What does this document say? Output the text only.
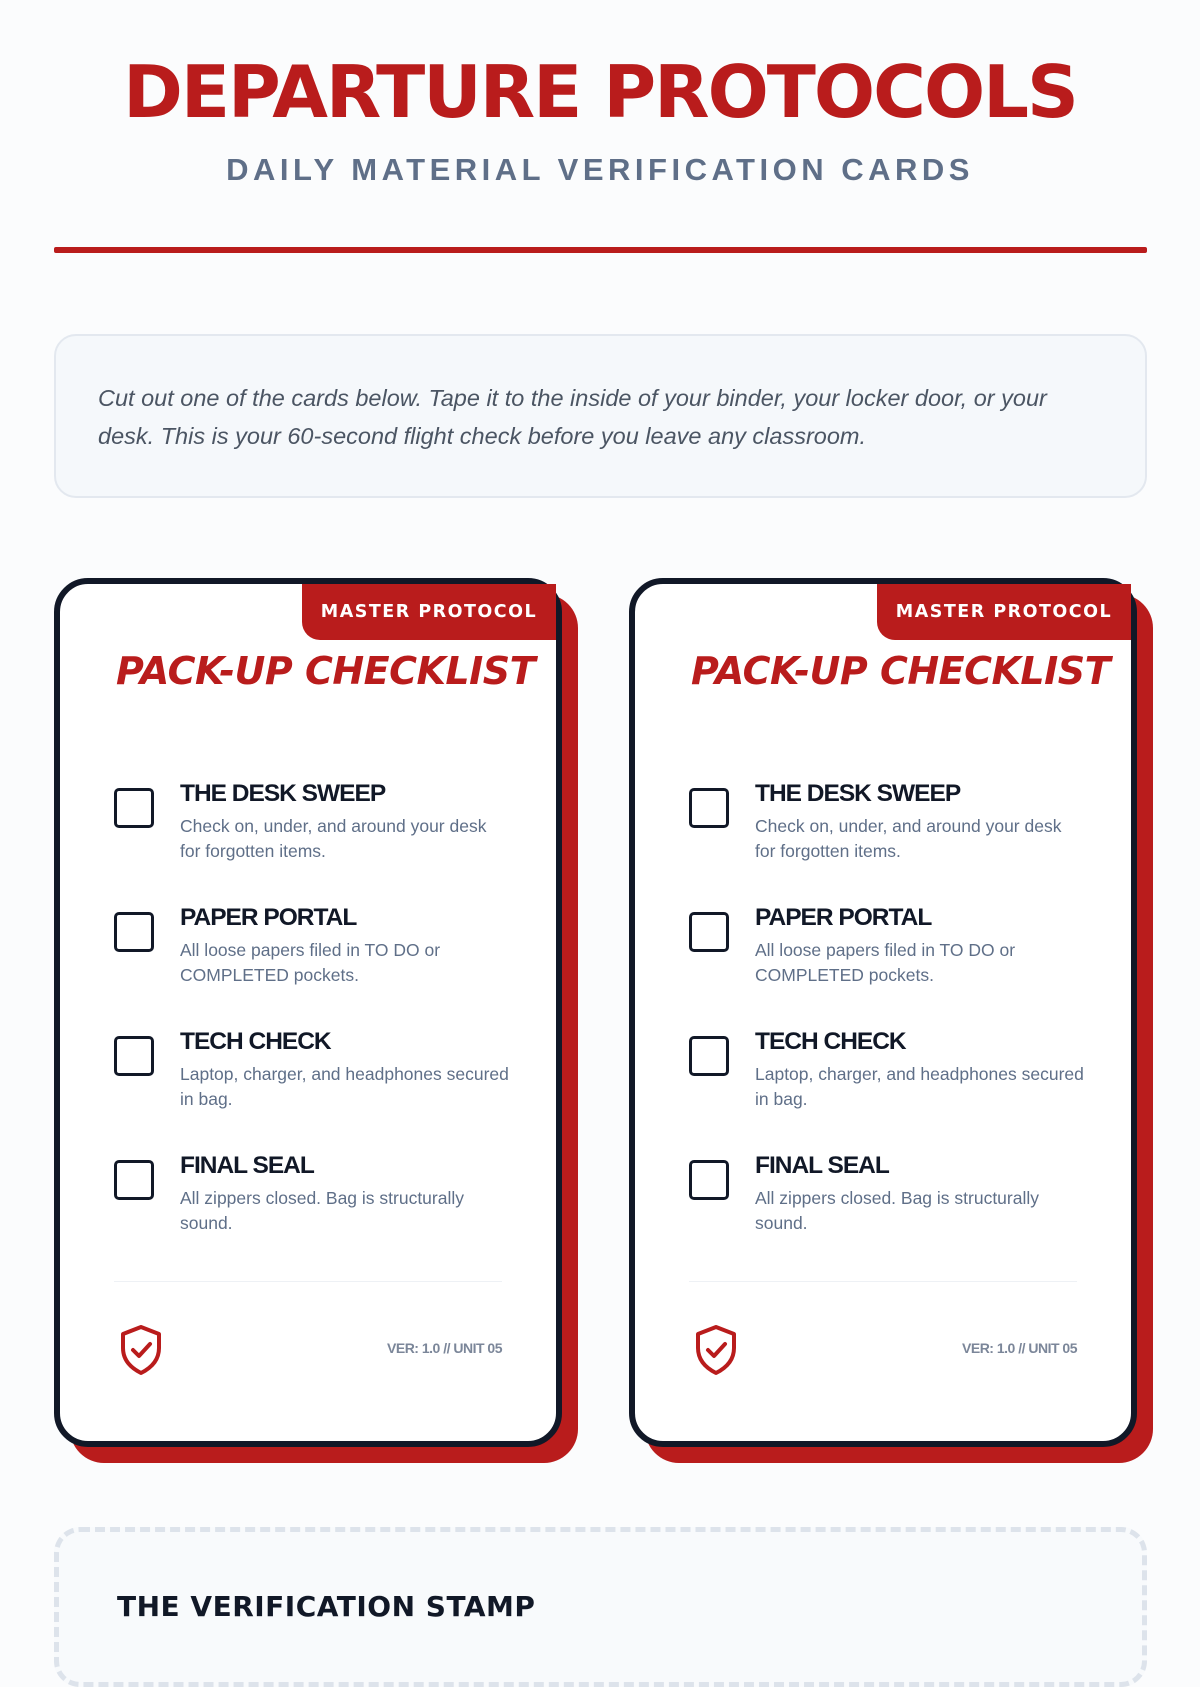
DEPARTURE PROTOCOLS
DAILY MATERIAL VERIFICATION CARDS

Cut out one of the cards below. Tape it to the inside of your binder, your locker door, or your desk. This is your 60-second flight check before you leave any classroom.

MASTER PROTOCOL
PACK-UP CHECKLIST
THE DESK SWEEP
Check on, under, and around your desk for forgotten items.
PAPER PORTAL
All loose papers filed in TO DO or COMPLETED pockets.
TECH CHECK
Laptop, charger, and headphones secured in bag.
FINAL SEAL
All zippers closed. Bag is structurally sound.
VER: 1.0 // UNIT 05
MASTER PROTOCOL
PACK-UP CHECKLIST
THE DESK SWEEP
Check on, under, and around your desk for forgotten items.
PAPER PORTAL
All loose papers filed in TO DO or COMPLETED pockets.
TECH CHECK
Laptop, charger, and headphones secured in bag.
FINAL SEAL
All zippers closed. Bag is structurally sound.
VER: 1.0 // UNIT 05
THE VERIFICATION STAMP
